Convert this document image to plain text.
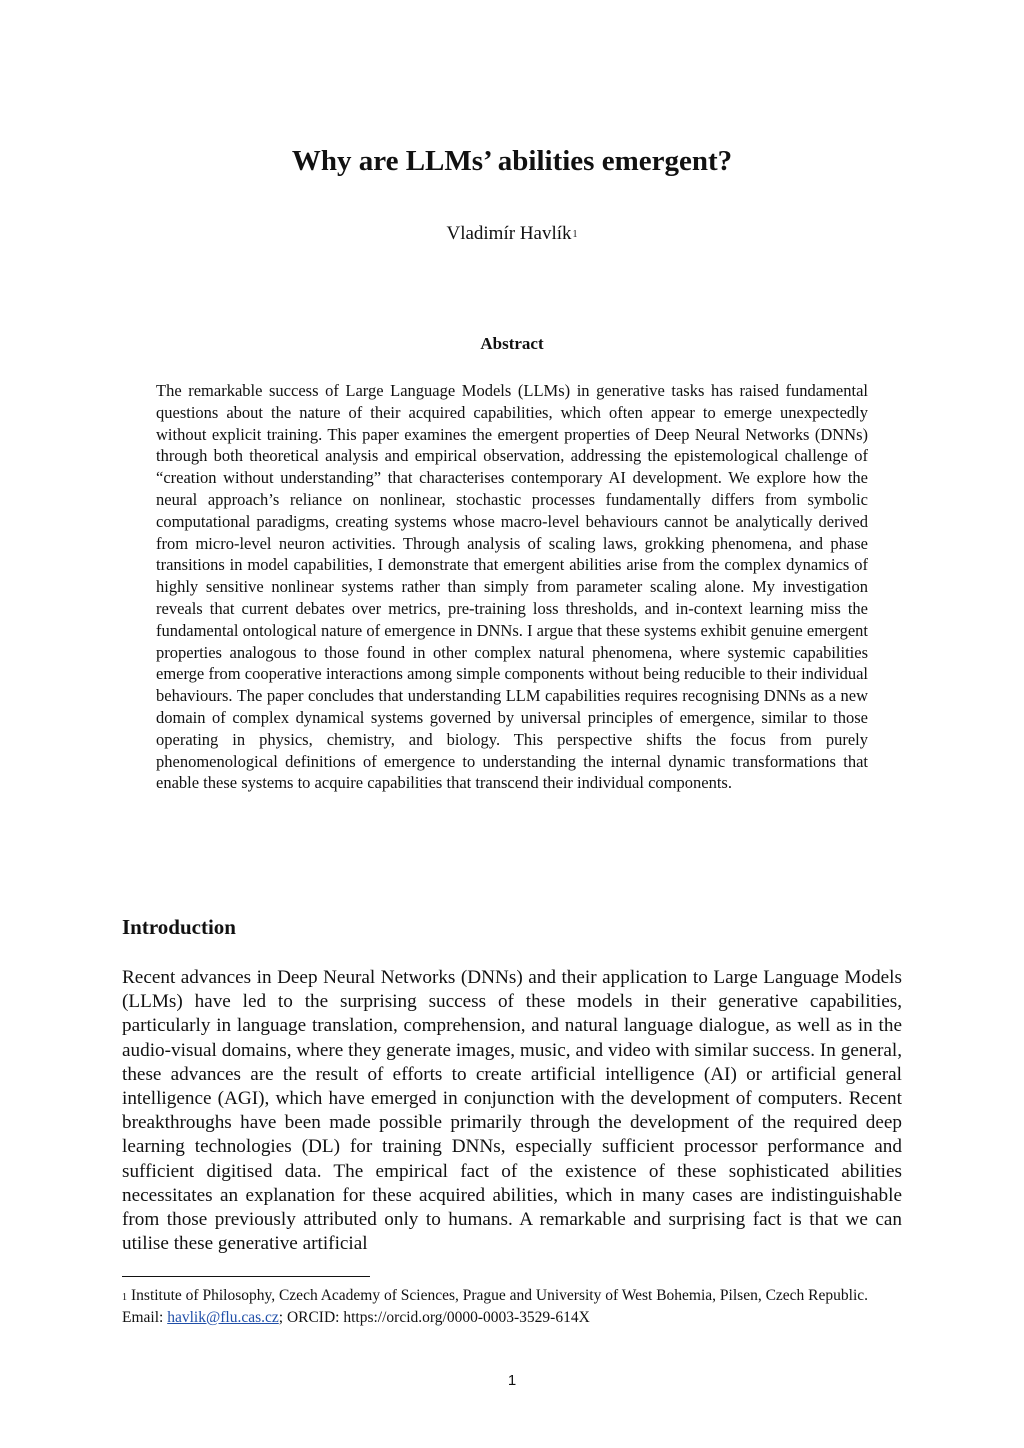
Why are LLMs’ abilities emergent?
Vladimír Havlík$^1$
Abstract

The remarkable success of Large Language Models (LLMs) in generative tasks has raised fundamental questions about the nature of their acquired capabilities, which often appear to emerge unexpectedly without explicit training. This paper examines the emergent properties of Deep Neural Networks (DNNs) through both theoretical analysis and empirical observation, addressing the epistemological challenge of “creation without understanding” that characterises contemporary AI development. We explore how the neural approach’s reliance on nonlinear, stochastic processes fundamentally differs from symbolic computational paradigms, creating systems whose macro-level behaviours cannot be analytically derived from micro-level neuron activities. Through analysis of scaling laws, grokking phenomena, and phase transitions in model capabilities, I demonstrate that emergent abilities arise from the complex dynamics of highly sensitive nonlinear systems rather than simply from parameter scaling alone. My investigation reveals that current debates over metrics, pre-training loss thresholds, and in-context learning miss the fundamental ontological nature of emergence in DNNs. I argue that these systems exhibit genuine emergent properties analogous to those found in other complex natural phenomena, where systemic capabilities emerge from cooperative interactions among simple components without being reducible to their individual behaviours. The paper concludes that understanding LLM capabilities requires recognising DNNs as a new domain of complex dynamical systems governed by universal principles of emergence, similar to those operating in physics, chemistry, and biology. This perspective shifts the focus from purely phenomenological definitions of emergence to understanding the internal dynamic transformations that enable these systems to acquire capabilities that transcend their individual components.

Introduction

Recent advances in Deep Neural Networks (DNNs) and their application to Large Language Models (LLMs) have led to the surprising success of these models in their generative capabilities, particularly in language translation, comprehension, and natural language dialogue, as well as in the audio-visual domains, where they generate images, music, and video with similar success. In general, these advances are the result of efforts to create artificial intelligence (AI) or artificial general intelligence (AGI), which have emerged in conjunction with the development of computers. Recent breakthroughs have been made possible primarily through the development of the required deep learning technologies (DL) for training DNNs, especially sufficient processor performance and sufficient digitised data. The empirical fact of the existence of these sophisticated abilities necessitates an explanation for these acquired abilities, which in many cases are indistinguishable from those previously attributed only to humans. A remarkable and surprising fact is that we can utilise these generative artificial

$^1$ Institute of Philosophy, Czech Academy of Sciences, Prague and University of West Bohemia, Pilsen, Czech Republic. Email: havlik@flu.cas.cz; ORCID: https://orcid.org/0000-0003-3529-614X

1
